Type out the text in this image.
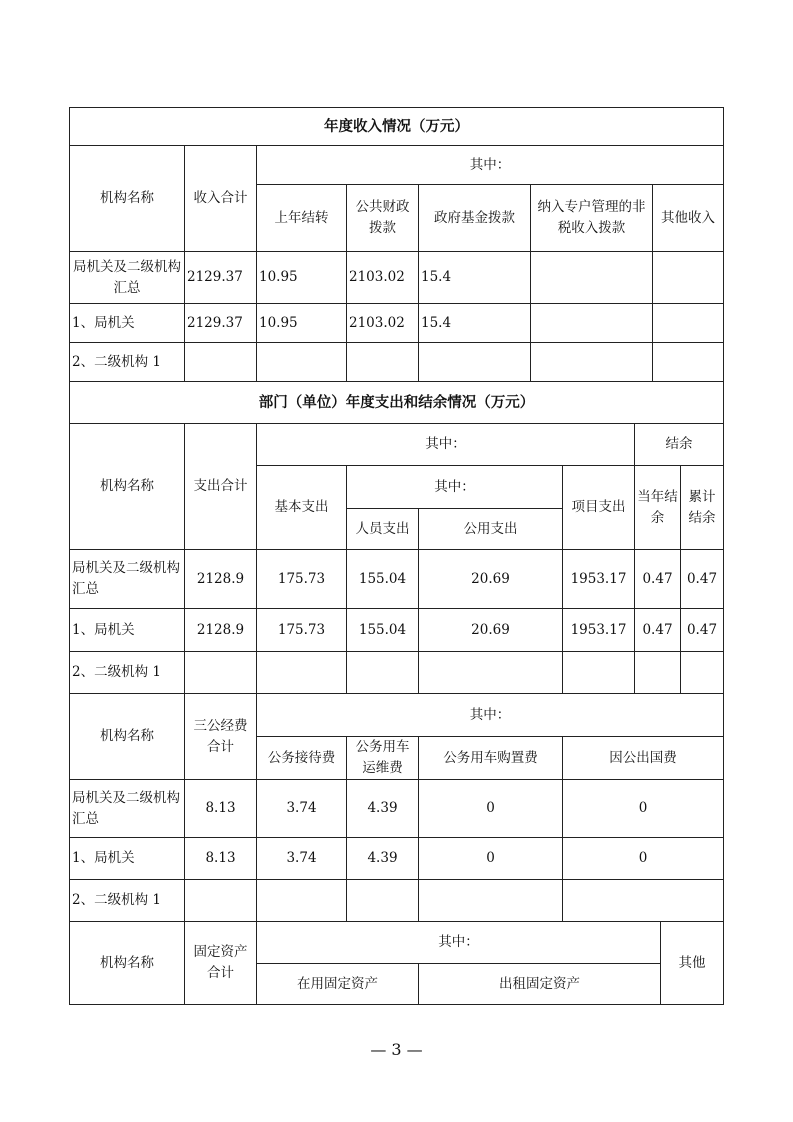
年度收入情况（万元）						
机构名称	收入合计	其中：				
		上年结转	公共财政拨款	政府基金拨款	纳入专户管理的非税收入拨款	其他收入
局机关及二级机构汇总	2129.37	10.95	2103.02	15.4		
1、局机关	2129.37	10.95	2103.02	15.4		
2、二级机构 1						
部门（单位）年度支出和结余情况（万元）							
机构名称	支出合计	其中：				结余	
		基本支出	其中：		项目支出	当年结余	累计结余
			人员支出	公用支出			
局机关及二级机构汇总	2128.9	175.73	155.04	20.69	1953.17	0.47	0.47
1、局机关	2128.9	175.73	155.04	20.69	1953.17	0.47	0.47
2、二级机构 1							
机构名称	三公经费合计	其中：			
		公务接待费	公务用车运维费	公务用车购置费	因公出国费
局机关及二级机构汇总	8.13	3.74	4.39	0	0
1、局机关	8.13	3.74	4.39	0	0
2、二级机构 1					
机构名称	固定资产合计	其中：		其他
		在用固定资产	出租固定资产	
— 3 —
